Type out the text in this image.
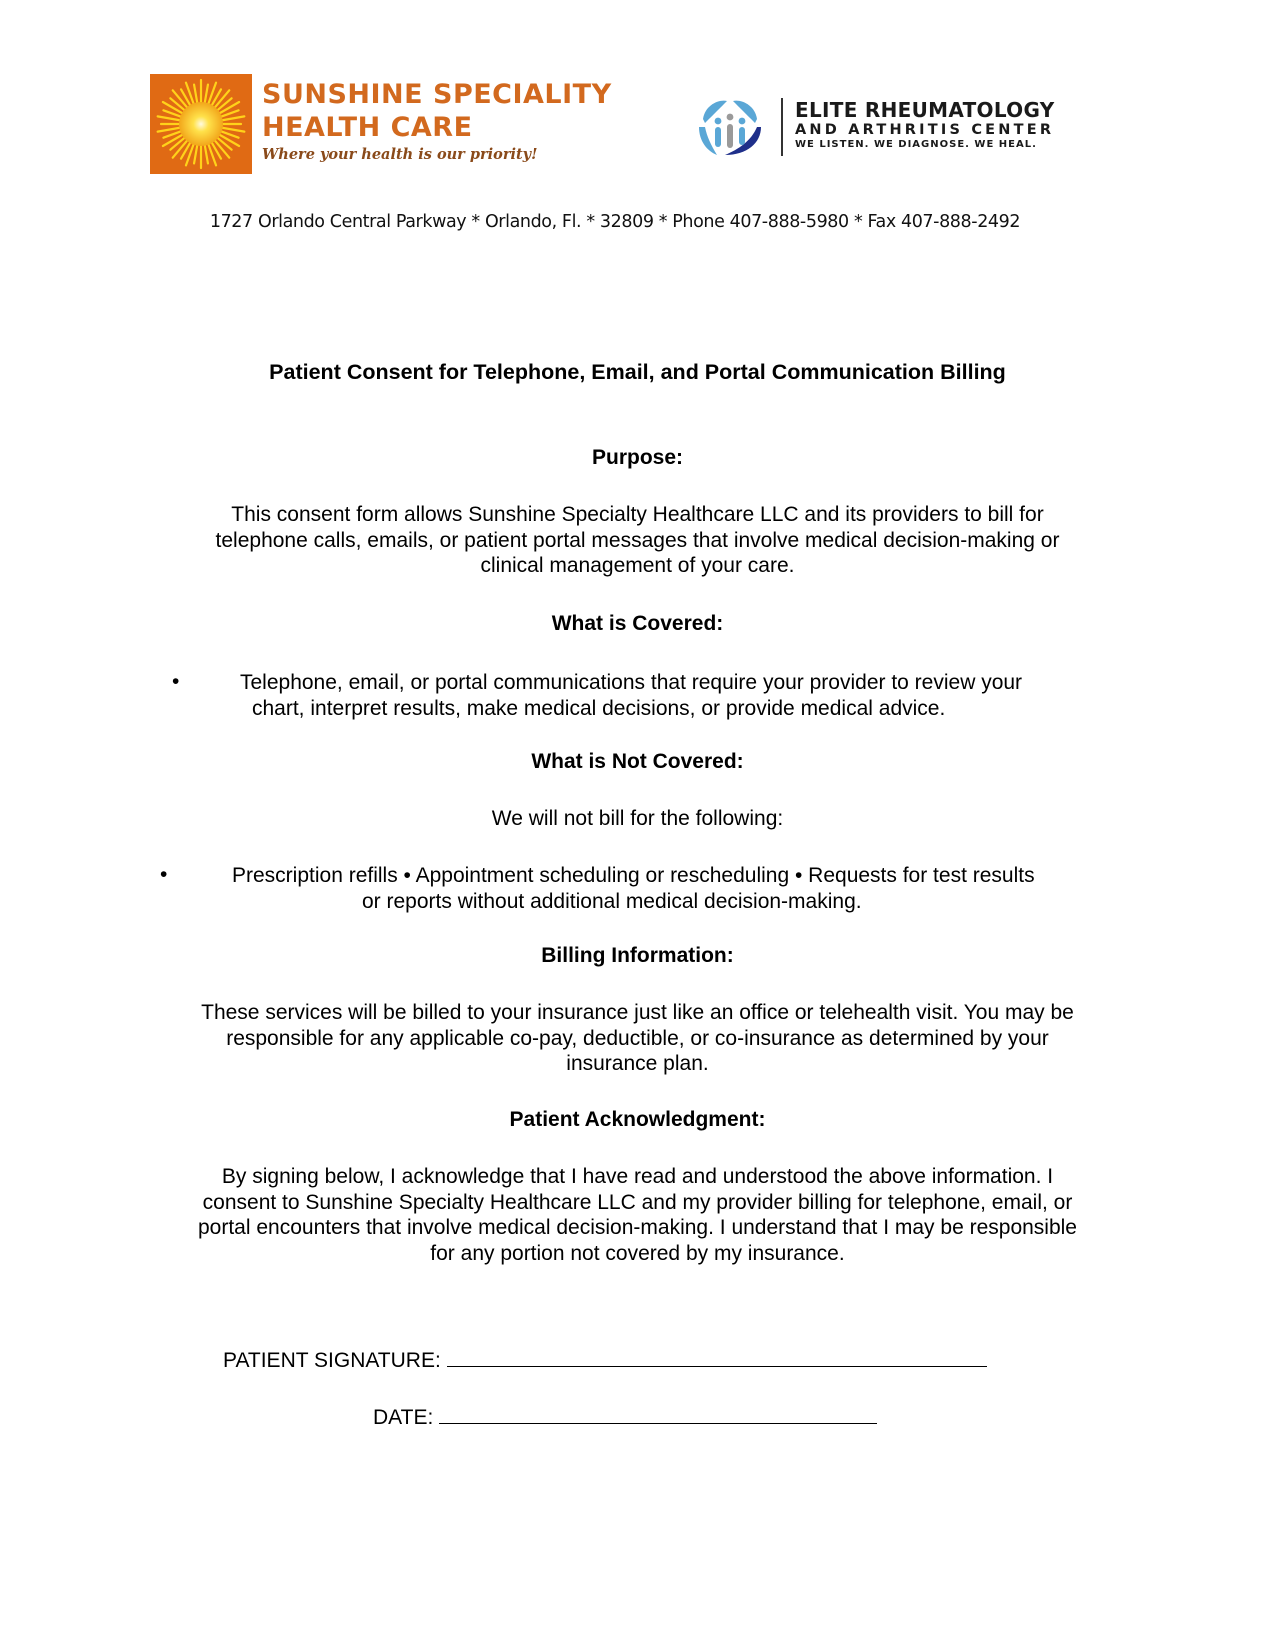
SUNSHINE SPECIALITY
HEALTH CARE
Where your health is our priority!
ELITE RHEUMATOLOGY
AND ARTHRITIS CENTER
WE LISTEN. WE DIAGNOSE. WE HEAL.
1727 Orlando Central Parkway * Orlando, Fl. * 32809 * Phone 407-888-5980 * Fax 407-888-2492
Patient Consent for Telephone, Email, and Portal Communication Billing
Purpose:
This consent form allows Sunshine Specialty Healthcare LLC and its providers to bill for
telephone calls, emails, or patient portal messages that involve medical decision-making or
clinical management of your care.
What is Covered:
•	Telephone, email, or portal communications that require your provider to review your
chart, interpret results, make medical decisions, or provide medical advice.
What is Not Covered:
We will not bill for the following:
•	Prescription refills • Appointment scheduling or rescheduling • Requests for test results
or reports without additional medical decision-making.
Billing Information:
These services will be billed to your insurance just like an office or telehealth visit. You may be
responsible for any applicable co-pay, deductible, or co-insurance as determined by your
insurance plan.
Patient Acknowledgment:
By signing below, I acknowledge that I have read and understood the above information. I
consent to Sunshine Specialty Healthcare LLC and my provider billing for telephone, email, or
portal encounters that involve medical decision-making. I understand that I may be responsible
for any portion not covered by my insurance.
PATIENT SIGNATURE:
DATE:
